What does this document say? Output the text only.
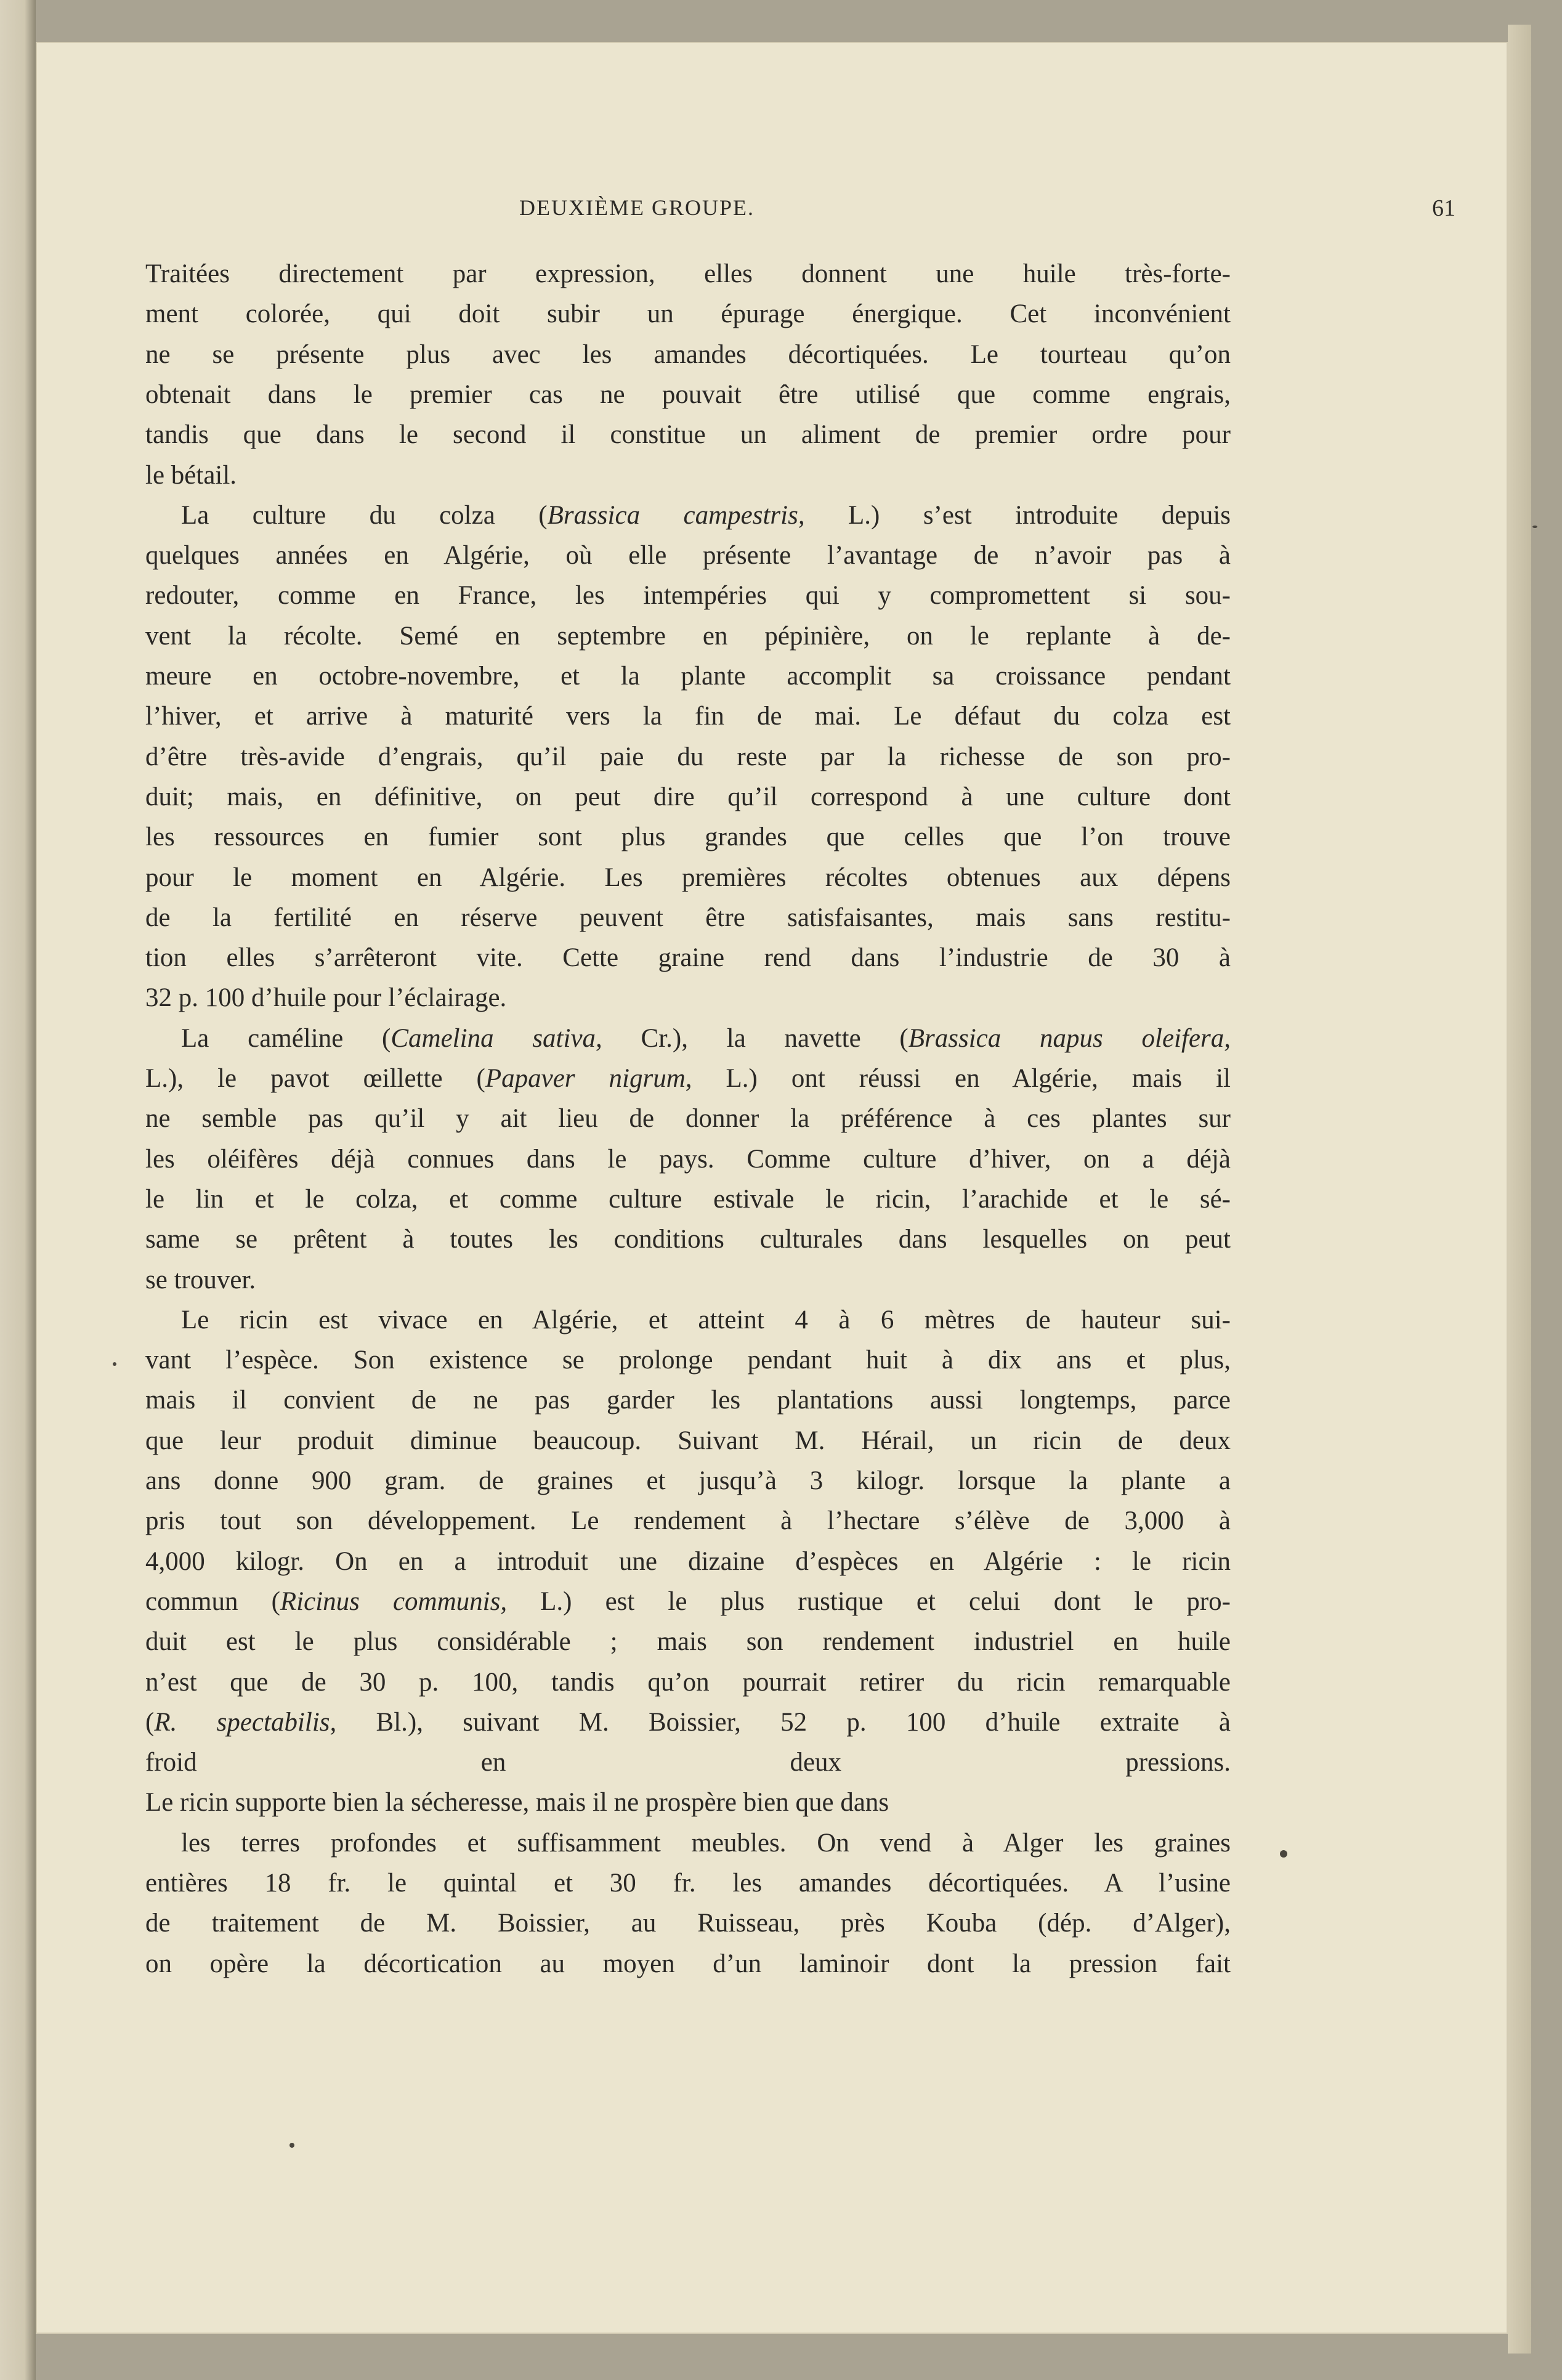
DEUXIÈME GROUPE.	61
Traitées directement par expression, elles donnent une huile très-forte-
ment colorée, qui doit subir un épurage énergique. Cet inconvénient
ne se présente plus avec les amandes décortiquées. Le tourteau qu’on
obtenait dans le premier cas ne pouvait être utilisé que comme engrais,
tandis que dans le second il constitue un aliment de premier ordre pour
le bétail.
La culture du colza (Brassica campestris, L.) s’est introduite depuis
quelques années en Algérie, où elle présente l’avantage de n’avoir pas à
redouter, comme en France, les intempéries qui y compromettent si sou-
vent la récolte. Semé en septembre en pépinière, on le replante à de-
meure en octobre-novembre, et la plante accomplit sa croissance pendant
l’hiver, et arrive à maturité vers la fin de mai. Le défaut du colza est
d’être très-avide d’engrais, qu’il paie du reste par la richesse de son pro-
duit; mais, en définitive, on peut dire qu’il correspond à une culture dont
les ressources en fumier sont plus grandes que celles que l’on trouve
pour le moment en Algérie. Les premières récoltes obtenues aux dépens
de la fertilité en réserve peuvent être satisfaisantes, mais sans restitu-
tion elles s’arrêteront vite. Cette graine rend dans l’industrie de 30 à
32 p. 100 d’huile pour l’éclairage.
La caméline (Camelina sativa, Cr.), la navette (Brassica napus oleifera,
L.), le pavot œillette (Papaver nigrum, L.) ont réussi en Algérie, mais il
ne semble pas qu’il y ait lieu de donner la préférence à ces plantes sur
les oléifères déjà connues dans le pays. Comme culture d’hiver, on a déjà
le lin et le colza, et comme culture estivale le ricin, l’arachide et le sé-
same se prêtent à toutes les conditions culturales dans lesquelles on peut
se trouver.
Le ricin est vivace en Algérie, et atteint 4 à 6 mètres de hauteur sui-
vant l’espèce. Son existence se prolonge pendant huit à dix ans et plus,
mais il convient de ne pas garder les plantations aussi longtemps, parce
que leur produit diminue beaucoup. Suivant M. Hérail, un ricin de deux
ans donne 900 gram. de graines et jusqu’à 3 kilogr. lorsque la plante a
pris tout son développement. Le rendement à l’hectare s’élève de 3,000 à
4,000 kilogr. On en a introduit une dizaine d’espèces en Algérie : le ricin
commun (Ricinus communis, L.) est le plus rustique et celui dont le pro-
duit est le plus considérable ; mais son rendement industriel en huile
n’est que de 30 p. 100, tandis qu’on pourrait retirer du ricin remarquable
(R. spectabilis, Bl.), suivant M. Boissier, 52 p. 100 d’huile extraite à
froid en deux pressions.
Le ricin supporte bien la sécheresse, mais il ne prospère bien que dans
les terres profondes et suffisamment meubles. On vend à Alger les graines
entières 18 fr. le quintal et 30 fr. les amandes décortiquées. A l’usine
de traitement de M. Boissier, au Ruisseau, près Kouba (dép. d’Alger),
on opère la décortication au moyen d’un laminoir dont la pression fait
